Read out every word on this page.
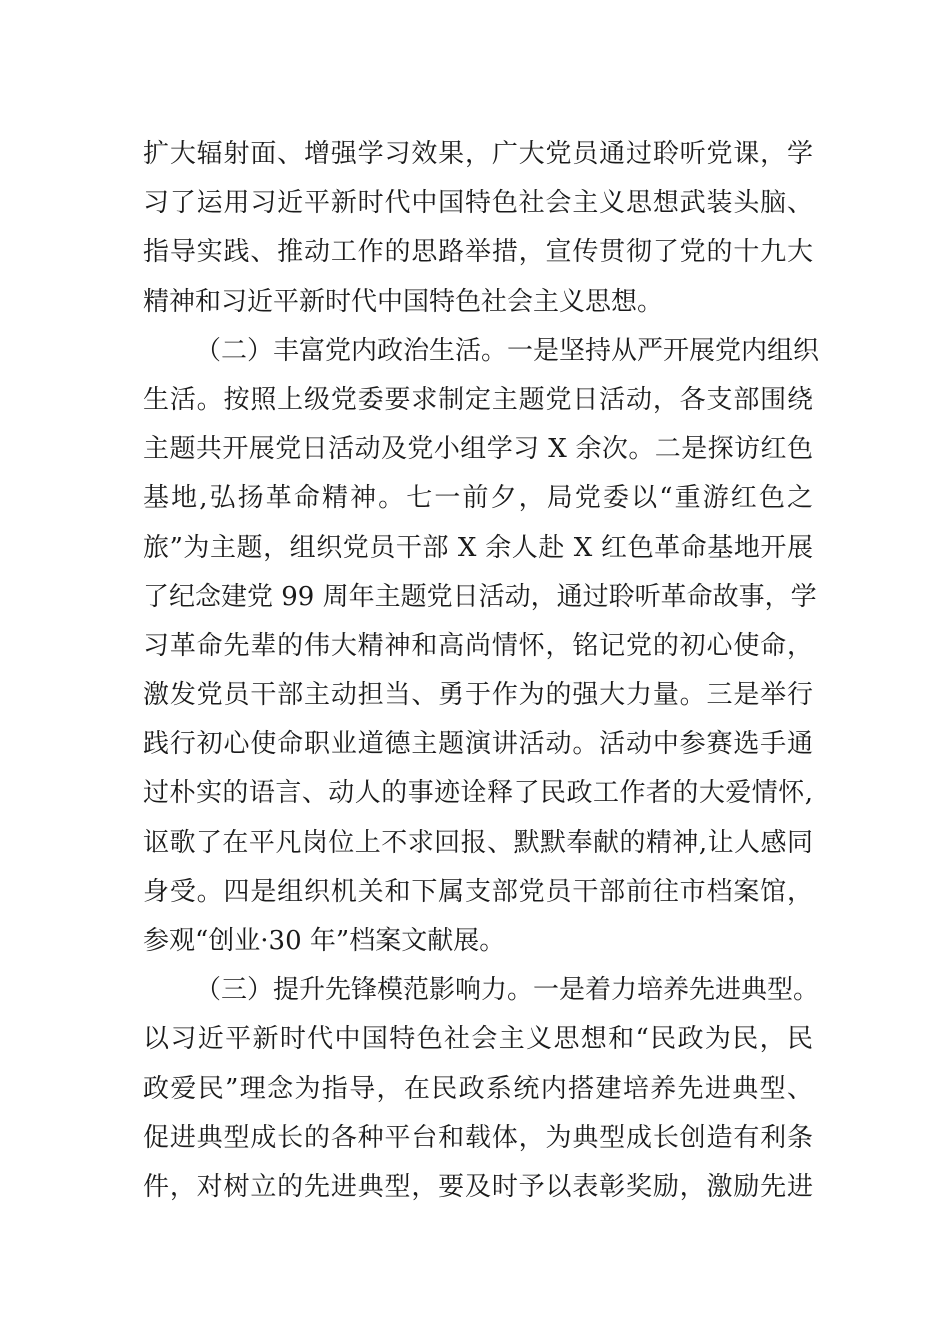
扩大辐射面、增强学习效果，广大党员通过聆听党课，学
习了运用习近平新时代中国特色社会主义思想武装头脑、
指导实践、推动工作的思路举措，宣传贯彻了党的十九大
精神和习近平新时代中国特色社会主义思想。
（二）丰富党内政治生活。一是坚持从严开展党内组织
生活。按照上级党委要求制定主题党日活动，各支部围绕
主题共开展党日活动及党小组学习 X 余次。二是探访红色
基地,弘扬革命精神。七一前夕，局党委以“重游红色之
旅”为主题，组织党员干部 X 余人赴 X 红色革命基地开展
了纪念建党 99 周年主题党日活动，通过聆听革命故事，学
习革命先辈的伟大精神和高尚情怀，铭记党的初心使命，
激发党员干部主动担当、勇于作为的强大力量。三是举行
践行初心使命职业道德主题演讲活动。活动中参赛选手通
过朴实的语言、动人的事迹诠释了民政工作者的大爱情怀,
讴歌了在平凡岗位上不求回报、默默奉献的精神,让人感同
身受。四是组织机关和下属支部党员干部前往市档案馆，
参观“创业·30 年”档案文献展。
（三）提升先锋模范影响力。一是着力培养先进典型。
以习近平新时代中国特色社会主义思想和“民政为民，民
政爱民”理念为指导，在民政系统内搭建培养先进典型、
促进典型成长的各种平台和载体，为典型成长创造有利条
件，对树立的先进典型，要及时予以表彰奖励，激励先进
